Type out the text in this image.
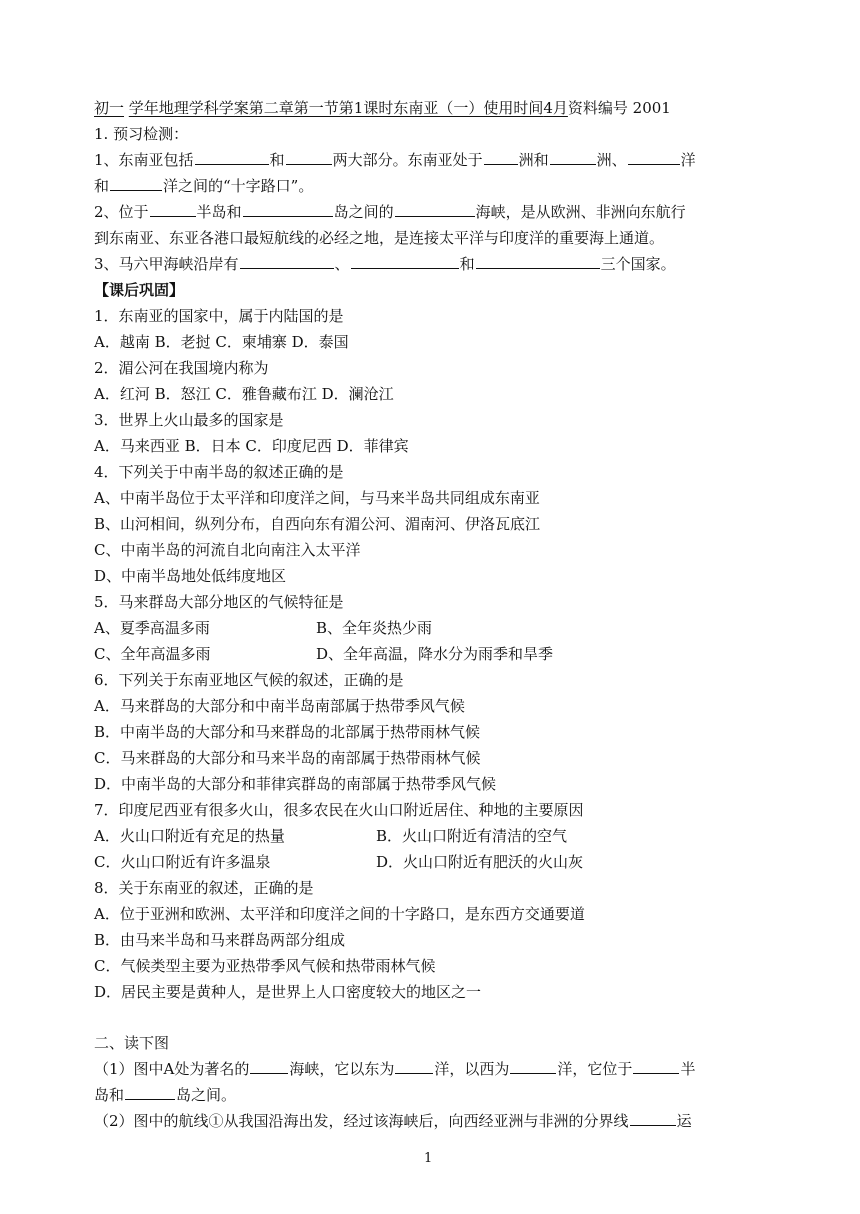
初一 学年地理学科学案第二章第一节第1课时东南亚（一）使用时间4月资料编号 2001
1. 预习检测：
1、东南亚包括	和	两大部分。东南亚处于 洲和	洲、	洋
和	洋之间的“十字路口”。
2、位于	半岛和	岛之间的	海峡，是从欧洲、非洲向东航行
到东南亚、东亚各港口最短航线的必经之地，是连接太平洋与印度洋的重要海上通道。
3、马六甲海峡沿岸有	、	和	三个国家。
【课后巩固】
1．东南亚的国家中，属于内陆国的是
A．越南 B．老挝 C．柬埔寨 D．泰国
2．湄公河在我国境内称为
A．红河 B．怒江 C．雅鲁藏布江 D．澜沧江
3．世界上火山最多的国家是
A．马来西亚 B．日本 C．印度尼西 D．菲律宾
4．下列关于中南半岛的叙述正确的是
A、中南半岛位于太平洋和印度洋之间，与马来半岛共同组成东南亚
B、山河相间，纵列分布，自西向东有湄公河、湄南河、伊洛瓦底江
C、中南半岛的河流自北向南注入太平洋
D、中南半岛地处低纬度地区
5．马来群岛大部分地区的气候特征是
A、夏季高温多雨	B、全年炎热少雨
C、全年高温多雨	D、全年高温，降水分为雨季和旱季
6．下列关于东南亚地区气候的叙述，正确的是
A．马来群岛的大部分和中南半岛南部属于热带季风气候
B．中南半岛的大部分和马来群岛的北部属于热带雨林气候
C．马来群岛的大部分和马来半岛的南部属于热带雨林气候
D．中南半岛的大部分和菲律宾群岛的南部属于热带季风气候
7．印度尼西亚有很多火山，很多农民在火山口附近居住、种地的主要原因
A．火山口附近有充足的热量	B．火山口附近有清洁的空气
C．火山口附近有许多温泉	D．火山口附近有肥沃的火山灰
8．关于东南亚的叙述，正确的是
A．位于亚洲和欧洲、太平洋和印度洋之间的十字路口，是东西方交通要道
B．由马来半岛和马来群岛两部分组成
C．气候类型主要为亚热带季风气候和热带雨林气候
D．居民主要是黄种人，是世界上人口密度较大的地区之一
二、读下图
（1）图中A处为著名的	海峡，它以东为	洋，以西为	洋，它位于	半
岛和	岛之间。
（2）图中的航线①从我国沿海出发，经过该海峡后，向西经亚洲与非洲的分界线	运
1
